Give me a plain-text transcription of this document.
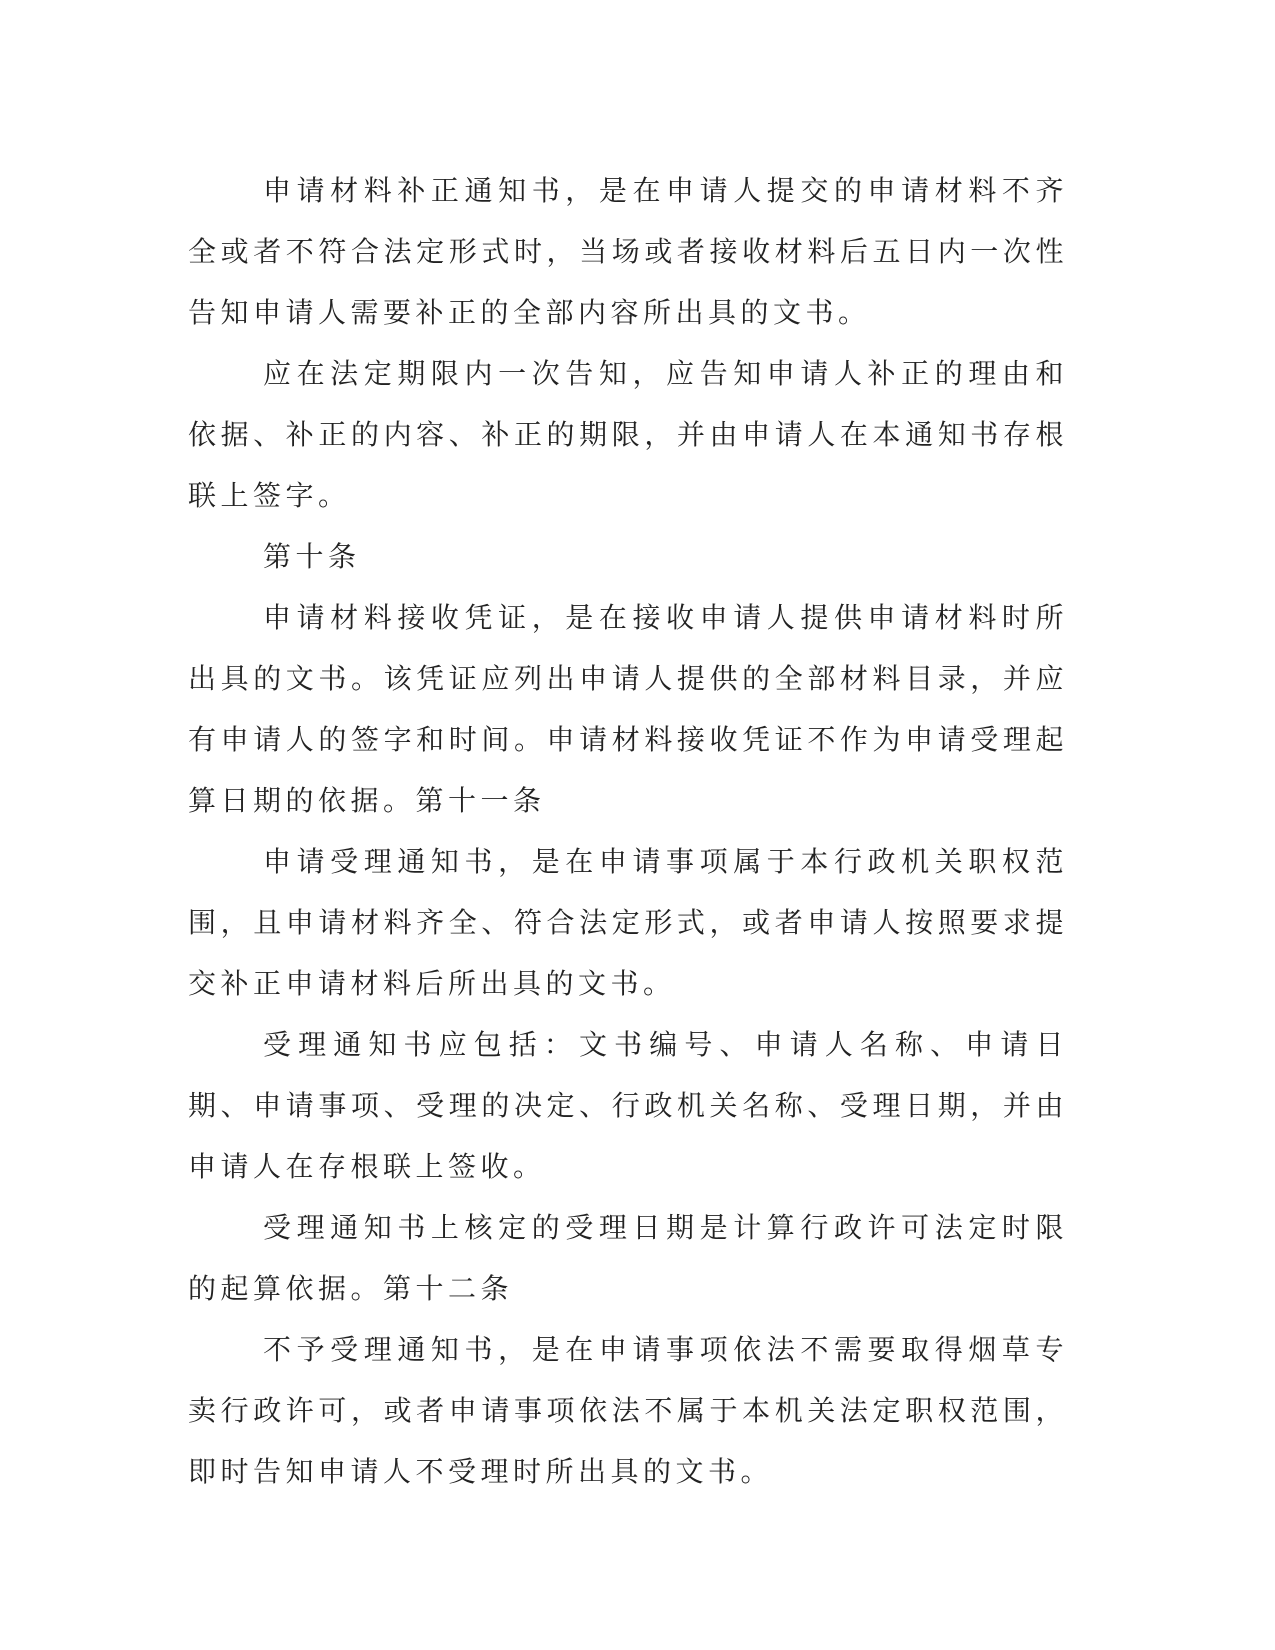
申请材料补正通知书，是在申请人提交的申请材料不齐全或者不符合法定形式时，当场或者接收材料后五日内一次性告知申请人需要补正的全部内容所出具的文书。

应在法定期限内一次告知，应告知申请人补正的理由和依据、补正的内容、补正的期限，并由申请人在本通知书存根联上签字。

第十条

申请材料接收凭证，是在接收申请人提供申请材料时所出具的文书。该凭证应列出申请人提供的全部材料目录，并应有申请人的签字和时间。申请材料接收凭证不作为申请受理起算日期的依据。第十一条

申请受理通知书，是在申请事项属于本行政机关职权范围，且申请材料齐全、符合法定形式，或者申请人按照要求提交补正申请材料后所出具的文书。

受理通知书应包括：文书编号、申请人名称、申请日期、申请事项、受理的决定、行政机关名称、受理日期，并由申请人在存根联上签收。

受理通知书上核定的受理日期是计算行政许可法定时限的起算依据。第十二条

不予受理通知书，是在申请事项依法不需要取得烟草专卖行政许可，或者申请事项依法不属于本机关法定职权范围，即时告知申请人不受理时所出具的文书。
